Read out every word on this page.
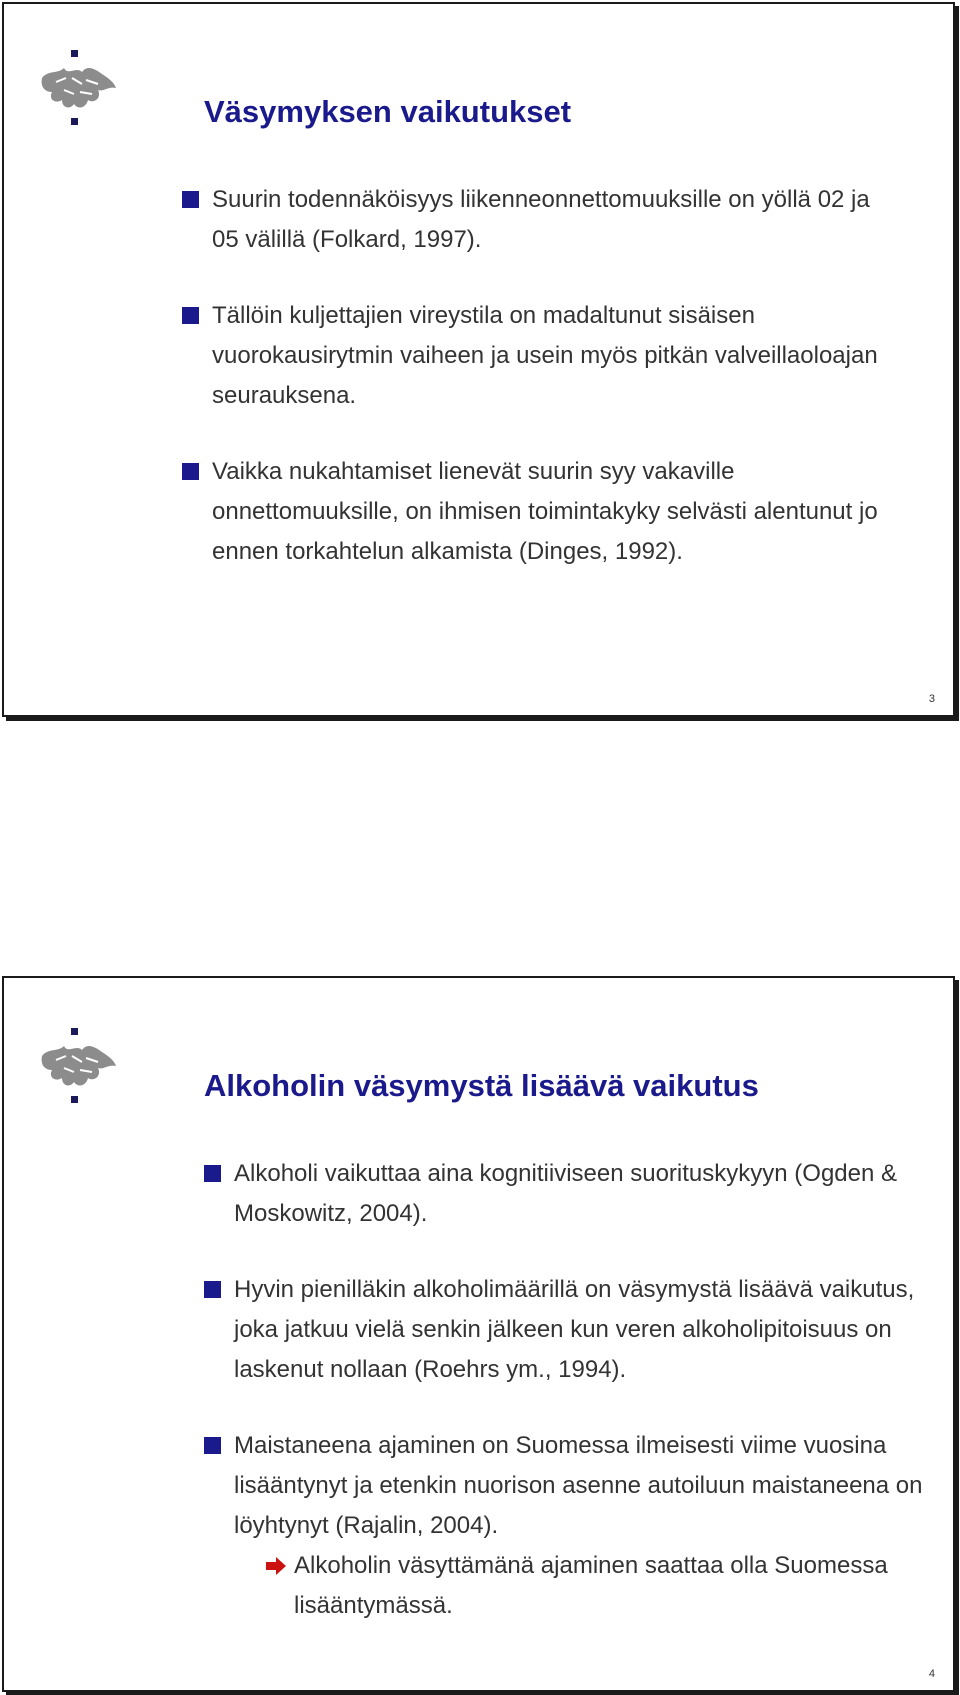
Väsymyksen vaikutukset
Suurin todennäköisyys liikenneonnettomuuksille on yöllä 02 ja 05 välillä (Folkard, 1997).
Tällöin kuljettajien vireystila on madaltunut sisäisen vuorokausirytmin vaiheen ja usein myös pitkän valveillaoloajan seurauksena.
Vaikka nukahtamiset lienevät suurin syy vakaville onnettomuuksille, on ihmisen toimintakyky selvästi alentunut jo ennen torkahtelun alkamista (Dinges, 1992).
3
Alkoholin väsymystä lisäävä vaikutus
Alkoholi vaikuttaa aina kognitiiviseen suorituskykyyn (Ogden & Moskowitz, 2004).
Hyvin pienilläkin alkoholimäärillä on väsymystä lisäävä vaikutus, joka jatkuu vielä senkin jälkeen kun veren alkoholipitoisuus on laskenut nollaan (Roehrs ym., 1994).
Maistaneena ajaminen on Suomessa ilmeisesti viime vuosina lisääntynyt ja etenkin nuorison asenne autoiluun maistaneena on löyhtynyt (Rajalin, 2004).
Alkoholin väsyttämänä ajaminen saattaa olla Suomessa lisääntymässä.
4
